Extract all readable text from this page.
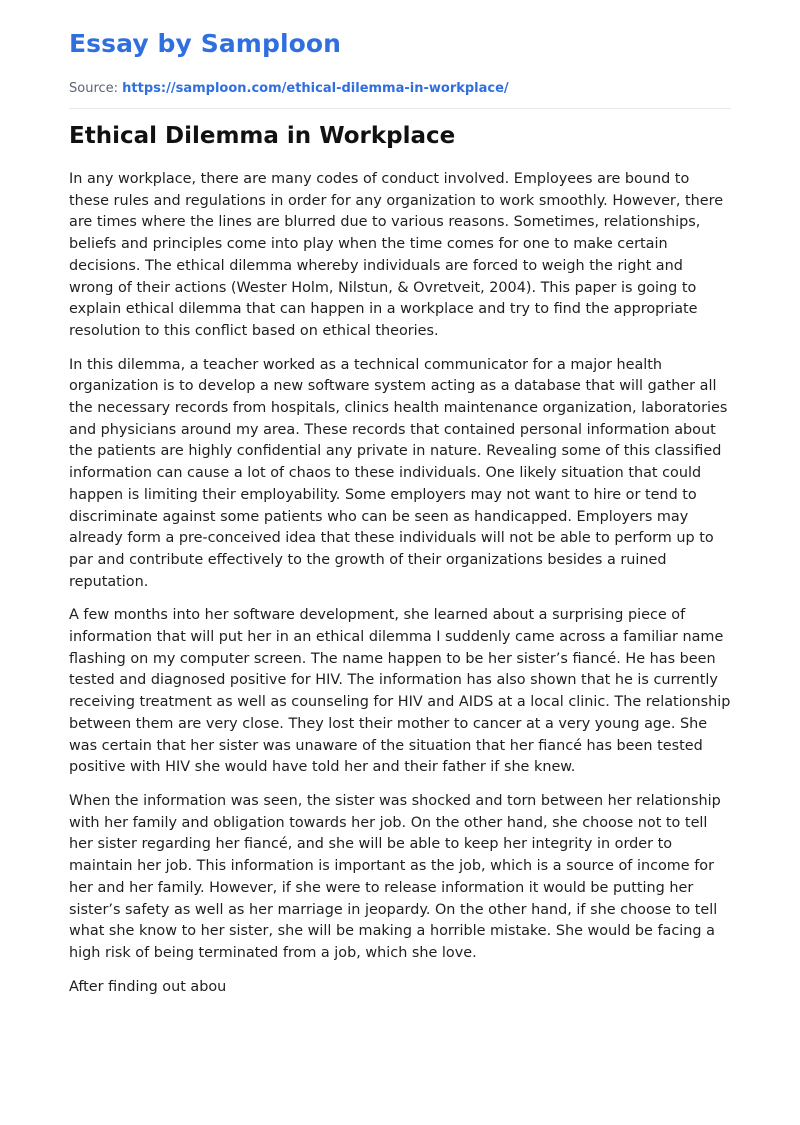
Essay by Samploon
Source: https://samploon.com/ethical-dilemma-in-workplace/
Ethical Dilemma in Workplace

In any workplace, there are many codes of conduct involved. Employees are bound to these rules and regulations in order for any organization to work smoothly. However, there are times where the lines are blurred due to various reasons. Sometimes, relationships, beliefs and principles come into play when the time comes for one to make certain decisions. The ethical dilemma whereby individuals are forced to weigh the right and wrong of their actions (Wester Holm, Nilstun, & Ovretveit, 2004). This paper is going to explain ethical dilemma that can happen in a workplace and try to find the appropriate resolution to this conflict based on ethical theories.

In this dilemma, a teacher worked as a technical communicator for a major health organization is to develop a new software system acting as a database that will gather all the necessary records from hospitals, clinics health maintenance organization, laboratories and physicians around my area. These records that contained personal information about the patients are highly confidential any private in nature. Revealing some of this classified information can cause a lot of chaos to these individuals. One likely situation that could happen is limiting their employability. Some employers may not want to hire or tend to discriminate against some patients who can be seen as handicapped. Employers may already form a pre-conceived idea that these individuals will not be able to perform up to par and contribute effectively to the growth of their organizations besides a ruined reputation.

A few months into her software development, she learned about a surprising piece of information that will put her in an ethical dilemma I suddenly came across a familiar name flashing on my computer screen. The name happen to be her sister’s fiancé. He has been tested and diagnosed positive for HIV. The information has also shown that he is currently receiving treatment as well as counseling for HIV and AIDS at a local clinic. The relationship between them are very close. They lost their mother to cancer at a very young age. She was certain that her sister was unaware of the situation that her fiancé has been tested positive with HIV she would have told her and their father if she knew.

When the information was seen, the sister was shocked and torn between her relationship with her family and obligation towards her job. On the other hand, she choose not to tell her sister regarding her fiancé, and she will be able to keep her integrity in order to maintain her job. This information is important as the job, which is a source of income for her and her family. However, if she were to release information it would be putting her sister’s safety as well as her marriage in jeopardy. On the other hand, if she choose to tell what she know to her sister, she will be making a horrible mistake. She would be facing a high risk of being terminated from a job, which she love.

After finding out abou
